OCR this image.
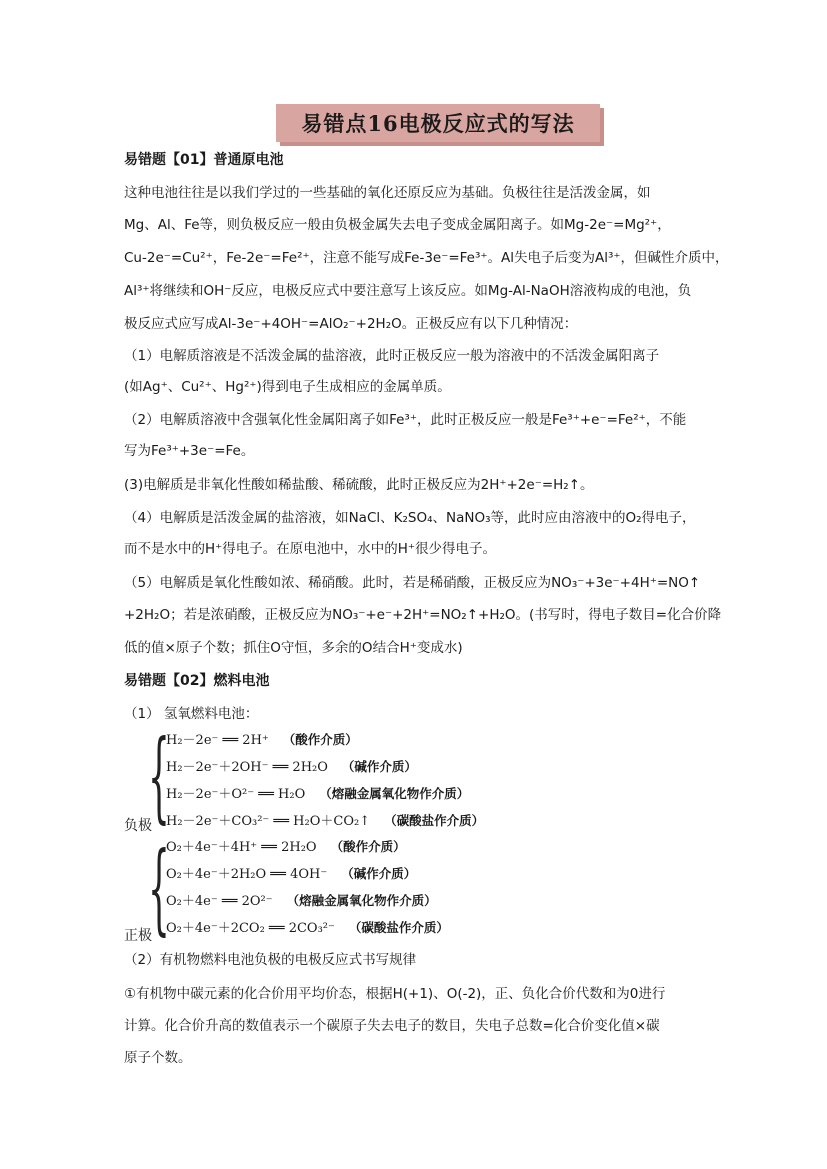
易错点16电极反应式的写法
易错题【01】普通原电池
这种电池往往是以我们学过的一些基础的氧化还原反应为基础。负极往往是活泼金属，如
Mg、Al、Fe等，则负极反应一般由负极金属失去电子变成金属阳离子。如Mg-2e⁻=Mg²⁺，
Cu-2e⁻=Cu²⁺，Fe-2e⁻=Fe²⁺，注意不能写成Fe-3e⁻=Fe³⁺。Al失电子后变为Al³⁺，但碱性介质中，
Al³⁺将继续和OH⁻反应，电极反应式中要注意写上该反应。如Mg-Al-NaOH溶液构成的电池，负
极反应式应写成Al-3e⁻+4OH⁻=AlO₂⁻+2H₂O。正极反应有以下几种情况：
（1）电解质溶液是不活泼金属的盐溶液，此时正极反应一般为溶液中的不活泼金属阳离子
(如Ag⁺、Cu²⁺、Hg²⁺)得到电子生成相应的金属单质。
（2）电解质溶液中含强氧化性金属阳离子如Fe³⁺，此时正极反应一般是Fe³⁺+e⁻=Fe²⁺，不能
写为Fe³⁺+3e⁻=Fe。
(3)电解质是非氧化性酸如稀盐酸、稀硫酸，此时正极反应为2H⁺+2e⁻=H₂↑。
（4）电解质是活泼金属的盐溶液，如NaCl、K₂SO₄、NaNO₃等，此时应由溶液中的O₂得电子，
而不是水中的H⁺得电子。在原电池中，水中的H⁺很少得电子。
（5）电解质是氧化性酸如浓、稀硝酸。此时，若是稀硝酸，正极反应为NO₃⁻+3e⁻+4H⁺=NO↑
+2H₂O；若是浓硝酸，正极反应为NO₃⁻+e⁻+2H⁺=NO₂↑+H₂O。(书写时，得电子数目=化合价降
低的值×原子个数；抓住O守恒，多余的O结合H⁺变成水)
易错题【02】燃料电池
（1） 氢氧燃料电池：
{
H₂－2e⁻ ══ 2H⁺ （酸作介质）
H₂－2e⁻＋2OH⁻ ══ 2H₂O （碱作介质）
H₂－2e⁻＋O²⁻ ══ H₂O （熔融金属氧化物作介质）
H₂－2e⁻＋CO₃²⁻ ══ H₂O＋CO₂↑ （碳酸盐作介质）
负极
{
O₂＋4e⁻＋4H⁺ ══ 2H₂O （酸作介质）
O₂＋4e⁻＋2H₂O ══ 4OH⁻ （碱作介质）
O₂＋4e⁻ ══ 2O²⁻ （熔融金属氧化物作介质）
O₂＋4e⁻＋2CO₂ ══ 2CO₃²⁻ （碳酸盐作介质）
正极
（2）有机物燃料电池负极的电极反应式书写规律
①有机物中碳元素的化合价用平均价态，根据H(+1)、O(-2)，正、负化合价代数和为0进行
计算。化合价升高的数值表示一个碳原子失去电子的数目，失电子总数=化合价变化值×碳
原子个数。
